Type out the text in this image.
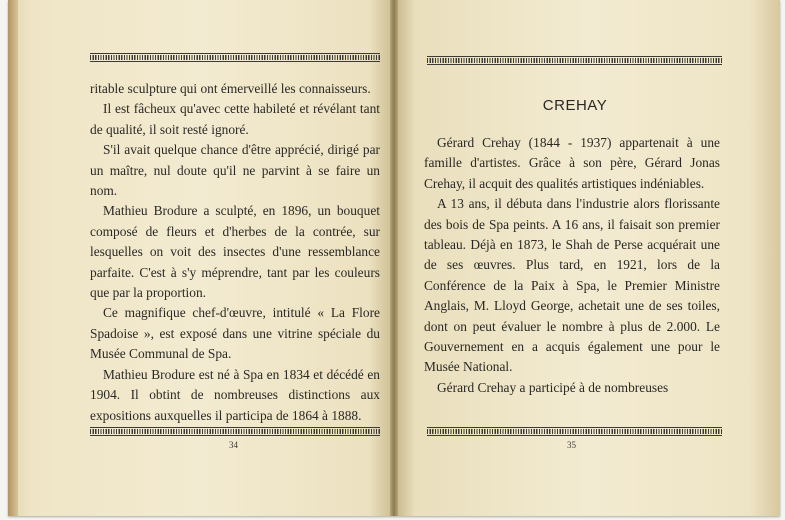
ritable sculpture qui ont émerveillé les connaisseurs.

Il est fâcheux qu'avec cette habileté et révélant tant de qualité, il soit resté ignoré.

S'il avait quelque chance d'être apprécié, dirigé par un maître, nul doute qu'il ne parvint à se faire un nom.

Mathieu Brodure a sculpté, en 1896, un bouquet composé de fleurs et d'herbes de la contrée, sur lesquelles on voit des insectes d'une ressemblance parfaite. C'est à s'y méprendre, tant par les couleurs que par la proportion.

Ce magnifique chef-d'œuvre, intitulé « La Flore Spadoise », est exposé dans une vitrine spéciale du Musée Communal de Spa.

Mathieu Brodure est né à Spa en 1834 et décédé en 1904. Il obtint de nombreuses distinctions aux expositions auxquelles il participa de 1864 à 1888.

34
CREHAY

Gérard Crehay (1844 - 1937) appartenait à une famille d'artistes. Grâce à son père, Gérard Jonas Crehay, il acquit des qualités artistiques indéniables.

A 13 ans, il débuta dans l'industrie alors florissante des bois de Spa peints. A 16 ans, il faisait son premier tableau. Déjà en 1873, le Shah de Perse acquérait une de ses œuvres. Plus tard, en 1921, lors de la Conférence de la Paix à Spa, le Premier Ministre Anglais, M. Lloyd George, achetait une de ses toiles, dont on peut évaluer le nombre à plus de 2.000. Le Gouvernement en a acquis également une pour le Musée National.

Gérard Crehay a participé à de nombreuses

35
